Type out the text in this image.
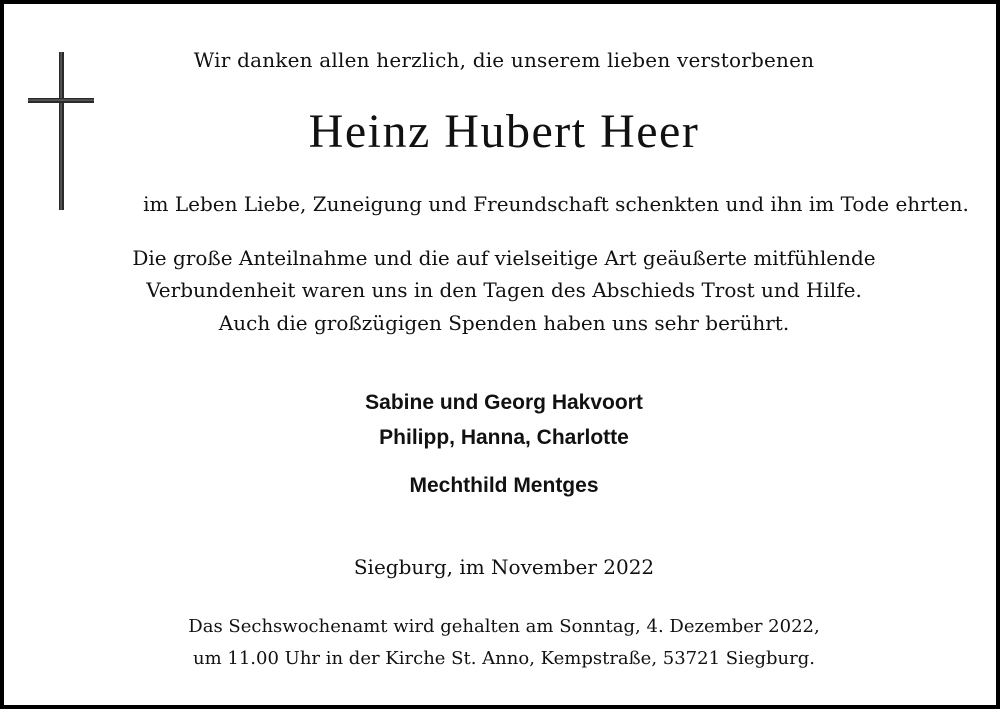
Wir danken allen herzlich, die unserem lieben verstorbenen
Heinz Hubert Heer
im Leben Liebe, Zuneigung und Freundschaft schenkten und ihn im Tode ehrten.
Die große Anteilnahme und die auf vielseitige Art geäußerte mitfühlende
Verbundenheit waren uns in den Tagen des Abschieds Trost und Hilfe.
Auch die großzügigen Spenden haben uns sehr berührt.
Sabine und Georg Hakvoort
Philipp, Hanna, Charlotte
Mechthild Mentges
Siegburg, im November 2022
Das Sechswochenamt wird gehalten am Sonntag, 4. Dezember 2022,
um 11.00 Uhr in der Kirche St. Anno, Kempstraße, 53721 Siegburg.
